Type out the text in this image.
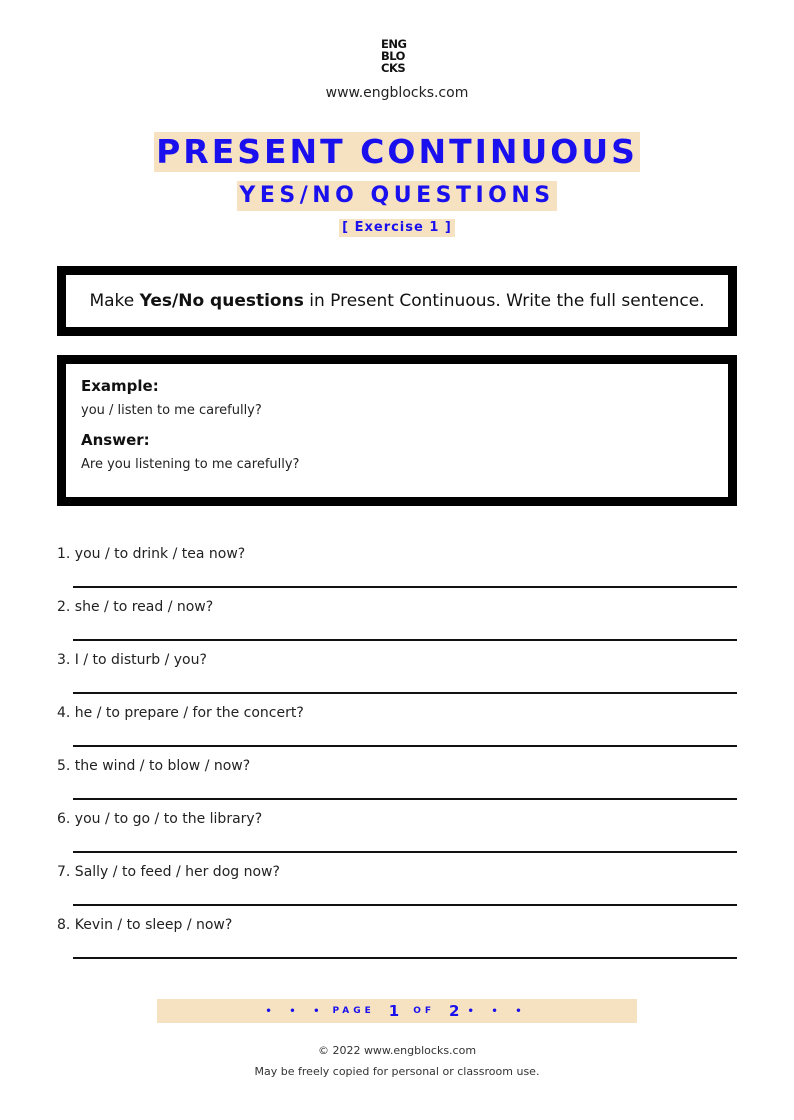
ENG
BLO
CKS
www.engblocks.com
PRESENT CONTINUOUS
YES/NO QUESTIONS
[ Exercise 1 ]
Make Yes/No questions in Present Continuous. Write the full sentence.
Example:
you / listen to me carefully?
Answer:
Are you listening to me carefully?
1. you / to drink / tea now?
2. she / to read / now?
3. I / to disturb / you?
4. he / to prepare / for the concert?
5. the wind / to blow / now?
6. you / to go / to the library?
7. Sally / to feed / her dog now?
8. Kevin / to sleep / now?
• • • PAGE 1 OF 2 • • •
© 2022 www.engblocks.com
May be freely copied for personal or classroom use.
